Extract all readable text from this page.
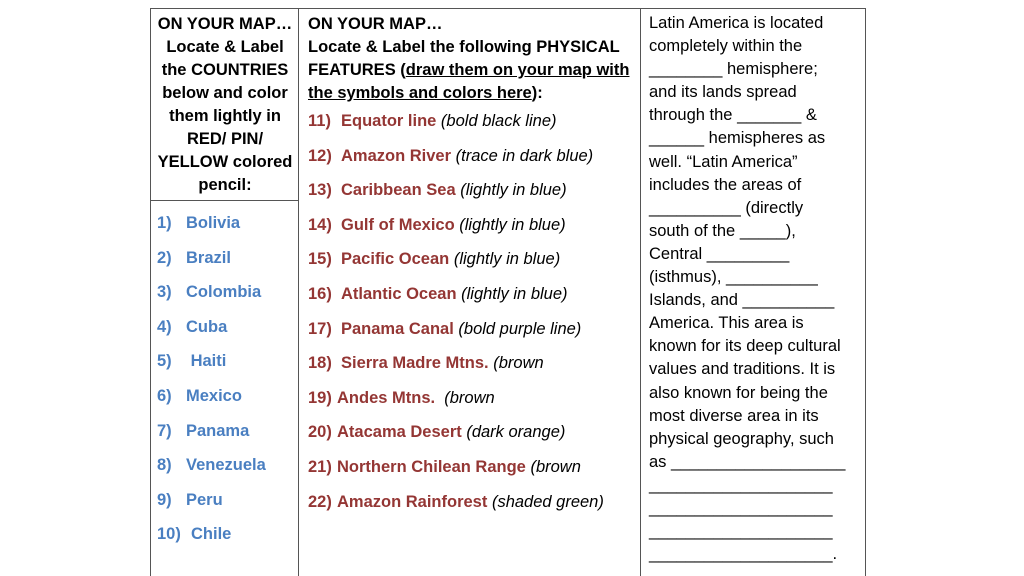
ON YOUR MAP…
Locate & Label
the COUNTRIES
below and color
them lightly in
RED/ PIN/
YELLOW colored
pencil:
1) Bolivia
2) Brazil
3) Colombia
4) Cuba
5) Haiti
6) Mexico
7) Panama
8) Venezuela
9) Peru
10) Chile
ON YOUR MAP…
Locate & Label the following PHYSICAL
FEATURES (draw them on your map with
the symbols and colors here):
11) Equator line (bold black line)
12) Amazon River (trace in dark blue)
13) Caribbean Sea (lightly in blue)
14) Gulf of Mexico (lightly in blue)
15) Pacific Ocean (lightly in blue)
16) Atlantic Ocean (lightly in blue)
17) Panama Canal (bold purple line)
18) Sierra Madre Mtns. (brown
19) Andes Mtns.  (brown
20) Atacama Desert (dark orange)
21) Northern Chilean Range (brown
22) Amazon Rainforest (shaded green)
Latin America is located
completely within the
________ hemisphere;
and its lands spread
through the _______ &
______ hemispheres as
well. “Latin America”
includes the areas of
__________ (directly
south of the _____),
Central _________
(isthmus), __________
Islands, and __________
America. This area is
known for its deep cultural
values and traditions. It is
also known for being the
most diverse area in its
physical geography, such
as ___________________
____________________
____________________
____________________
____________________.
